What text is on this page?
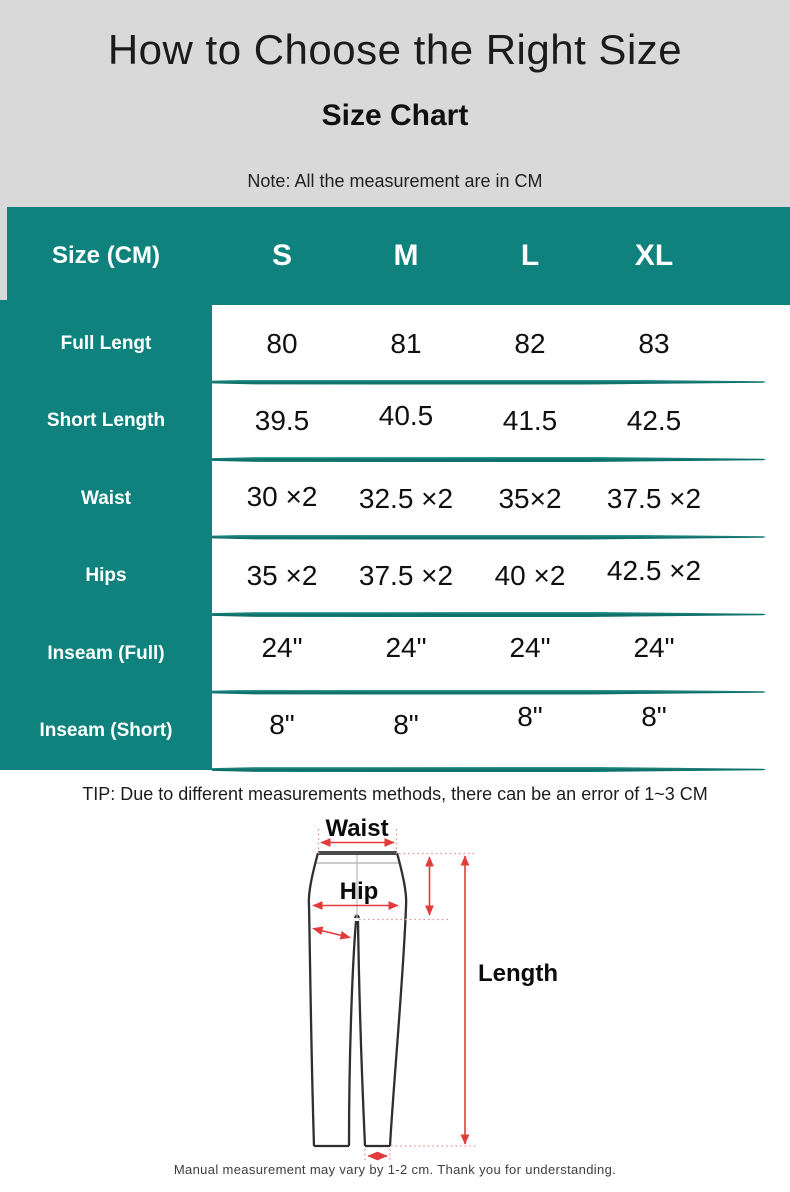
How to Choose the Right Size
Size Chart
Note: All the measurement are in CM
Size (CM)	S	M	L	XL
Full Lengt	80	81	82	83
Short Length	39.5	40.5	41.5	42.5
Waist	30 ×2	32.5 ×2	35×2	37.5 ×2
Hips	35 ×2	37.5 ×2	40 ×2	42.5 ×2
Inseam (Full)	24"	24"	24"	24"
Inseam (Short)	8"	8"	8"	8"
TIP: Due to different measurements methods, there can be an error of 1~3 CM
Waist
Hip
Length
Manual measurement may vary by 1-2 cm. Thank you for understanding.
